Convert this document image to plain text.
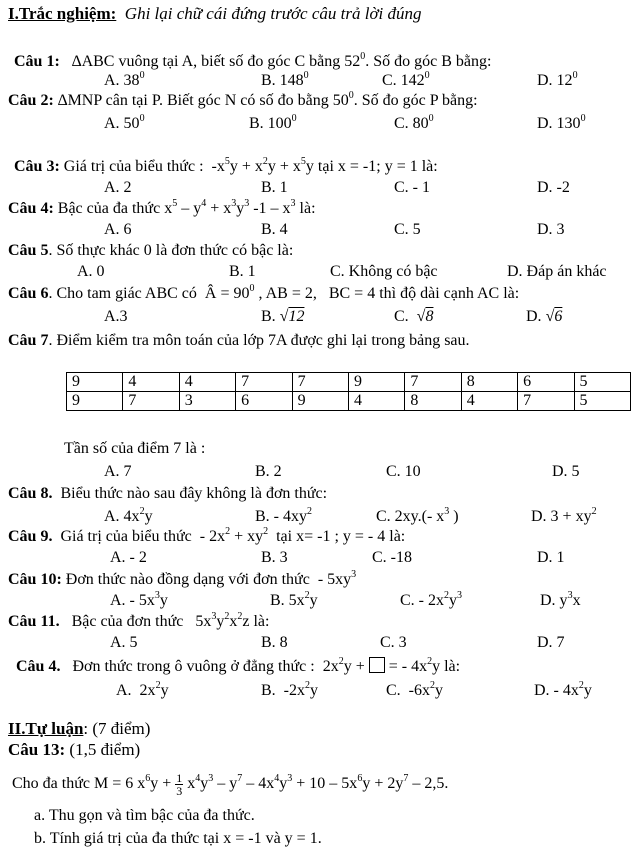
I.Trắc nghiệm: Ghi lại chữ cái đứng trước câu trả lời đúng
Câu 1: ∆ABC vuông tại A, biết số đo góc C bằng $52^0$. Số đo góc B bằng:
A. $38^0$	B. $148^0$	C. $142^0$	D. $12^0$
Câu 2: ∆MNP cân tại P. Biết góc N có số đo bằng $50^0$. Số đo góc P bằng:
A. $50^0$	B. $100^0$	C. $80^0$	D. $130^0$
Câu 3: Giá trị của biểu thức :  $-x^5y + x^2y + x^5y$ tại x = -1; y = 1 là:
A. 2	B. 1	C. - 1	D. -2
Câu 4: Bậc của đa thức $x^5 - y^4 + x^3y^3$ $-1 - x^3$ là:
A. 6	B. 4	C. 5	D. 3
Câu 5. Số thực khác 0 là đơn thức có bậc là:
A. 0	B. 1	C. Không có bậc	D. Đáp án khác
Câu 6. Cho tam giác ABC có  Â = $90^0$ , AB = 2,   BC = 4 thì độ dài cạnh AC là:
A.3	B. √12	C. √8	D. √6
Câu 7. Điểm kiểm tra môn toán của lớp 7A được ghi lại trong bảng sau.
9	4	4	7	7	9	7	8	6	5
9	7	3	6	9	4	8	4	7	5
Tần số của điểm 7 là :
A. 7	B. 2	C. 10	D. 5
Câu 8. Biểu thức nào sau đây không là đơn thức:
A. $4x^2y$	B. - $4xy^2$	C. 2xy.(- $x^3$ )	D. $3 + xy^2$
Câu 9. Giá trị của biểu thức  - $2x^2 + xy^2$ tại x= -1 ; y = - 4 là:
A. - 2	B. 3	C. -18	D. 1
Câu 10: Đơn thức nào đồng dạng với đơn thức  - $5xy^3$
A. - $5x^3y$	B. $5x^2y$	C. - $2x^2y^3$	D. $y^3x$
Câu 11. Bậc của đơn thức $5x^3y^2x^2z$ là:
A. 5	B. 8	C. 3	D. 7
Câu 4. Đơn thức trong ô vuông ở đẳng thức : $2x^2y$ +  = - $4x^2y$ là:
A.  $2x^2y$	B.  $-2x^2y$	C.  $-6x^2y$	D. - $4x^2y$
II.Tự luận: (7 điểm)
Câu 13: (1,5 điểm)
Cho đa thức M = 6 $x^6y + \frac{1}{3} x^4y^3 - y^7 - 4x^4y^3 + 10 - 5x^6y + 2y^7 - 2,5$.
a. Thu gọn và tìm bậc của đa thức.
b. Tính giá trị của đa thức tại x = -1 và y = 1.
